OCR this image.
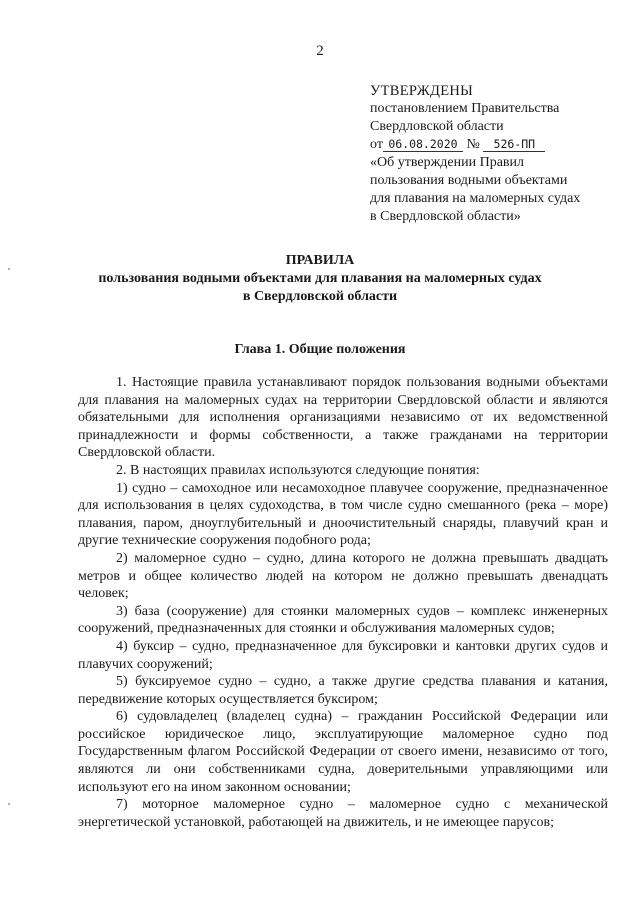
2
УТВЕРЖДЕНЫ
постановлением Правительства
Свердловской области
от 06.08.2020 № 526-ПП
«Об утверждении Правил
пользования водными объектами
для плавания на маломерных судах
в Свердловской области»
ПРАВИЛА
пользования водными объектами для плавания на маломерных судах
в Свердловской области
Глава 1. Общие положения

1. Настоящие правила устанавливают порядок пользования водными объектами для плавания на маломерных судах на территории Свердловской области и являются обязательными для исполнения организациями независимо от их ведомственной принадлежности и формы собственности, а также гражданами на территории Свердловской области.

2. В настоящих правилах используются следующие понятия:

1) судно – самоходное или несамоходное плавучее сооружение, предназначенное для использования в целях судоходства, в том числе судно смешанного (река – море) плавания, паром, дноуглубительный и дноочистительный снаряды, плавучий кран и другие технические сооружения подобного рода;

2) маломерное судно – судно, длина которого не должна превышать двадцать метров и общее количество людей на котором не должно превышать двенадцать человек;

3) база (сооружение) для стоянки маломерных судов – комплекс инженерных сооружений, предназначенных для стоянки и обслуживания маломерных судов;

4) буксир – судно, предназначенное для буксировки и кантовки других судов и плавучих сооружений;

5) буксируемое судно – судно, а также другие средства плавания и катания, передвижение которых осуществляется буксиром;

6) судовладелец (владелец судна) – гражданин Российской Федерации или российское юридическое лицо, эксплуатирующие маломерное судно под Государственным флагом Российской Федерации от своего имени, независимо от того, являются ли они собственниками судна, доверительными управляющими или используют его на ином законном основании;

7) моторное маломерное судно – маломерное судно с механической энергетической установкой, работающей на движитель, и не имеющее парусов;
